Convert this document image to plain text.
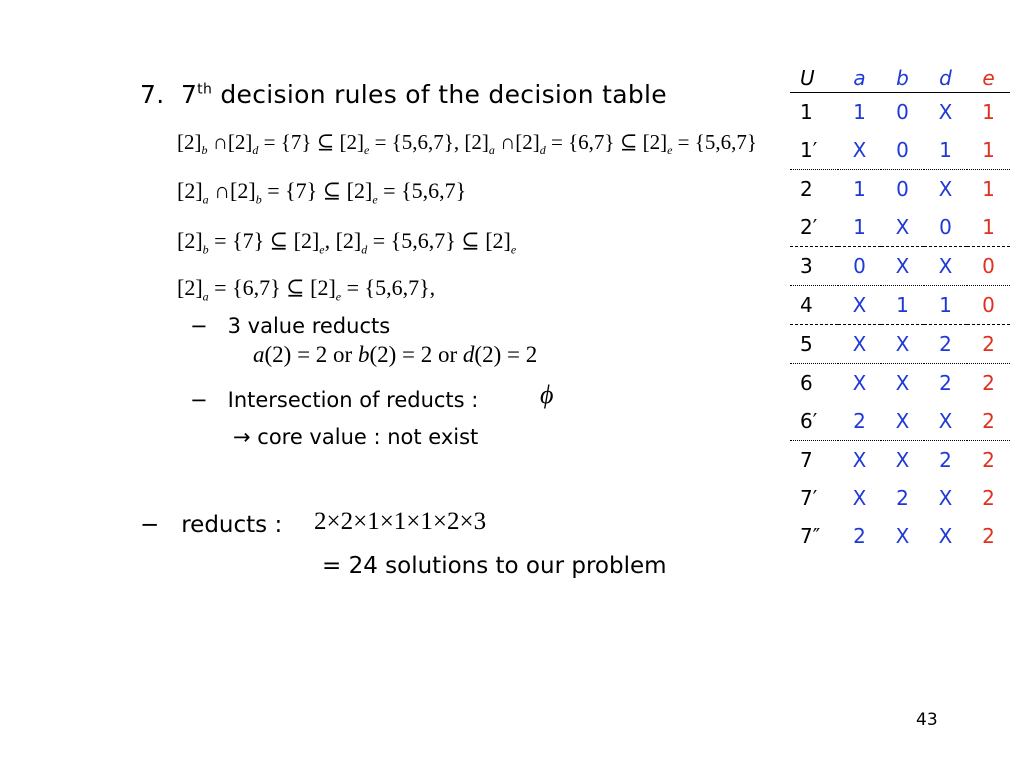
7. 7th decision rules of the decision table
$[2]_b$ $\cap[2]_d = \{7\}$ ⊆ $[2]_e = \{5,6,7\}$, $[2]_a$ $\cap[2]_d = \{6,7\}$ ⊆ $[2]_e = \{5,6,7\}$
$[2]_a$ $\cap[2]_b = \{7\}$ ⊆ $[2]_e = \{5,6,7\}$
$[2]_b = \{7\}$ ⊆ $[2]_e$, $[2]_d = \{5,6,7\}$ ⊆ $[2]_e$
$[2]_a = \{6,7\}$ ⊆ $[2]_e = \{5,6,7\}$,
− 3 value reducts
a(2) = 2 or b(2) = 2 or d(2) = 2
− Intersection of reducts : ϕ
→ core value : not exist
− reducts : 2×2×1×1×1×2×3
= 24 solutions to our problem
U	a	b	d	e
1	1	0	X	1
1′	X	0	1	1
2	1	0	X	1
2′	1	X	0	1
3	0	X	X	0
4	X	1	1	0
5	X	X	2	2
6	X	X	2	2
6′	2	X	X	2
7	X	X	2	2
7′	X	2	X	2
7″	2	X	X	2
43
